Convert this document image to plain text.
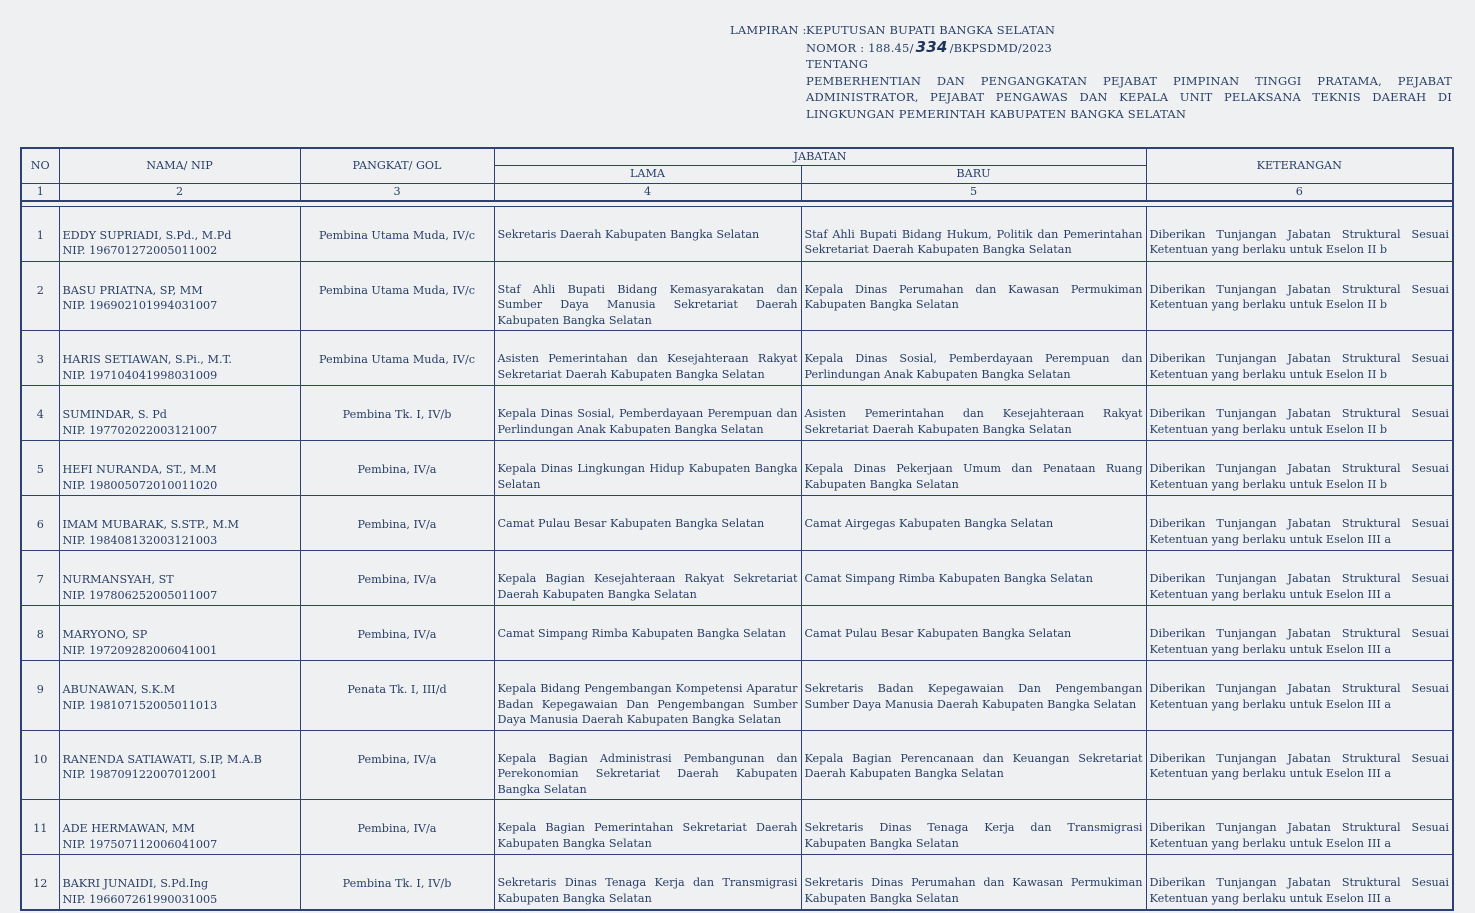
LAMPIRAN : KEPUTUSAN BUPATI BANGKA SELATAN
NOMOR : 188.45/ 334 /BKPSDMD/2023
TENTANG
PEMBERHENTIAN DAN PENGANGKATAN PEJABAT PIMPINAN TINGGI PRATAMA, PEJABAT ADMINISTRATOR, PEJABAT PENGAWAS DAN KEPALA UNIT PELAKSANA TEKNIS DAERAH DI LINGKUNGAN PEMERINTAH KABUPATEN BANGKA SELATAN
NO	NAMA/ NIP	PANGKAT/ GOL	JABATAN		KETERANGAN
			LAMA	BARU	
1	2	3	4	5	6

1	EDDY SUPRIADI, S.Pd., M.Pd
NIP. 196701272005011002	Pembina Utama Muda, IV/c	Sekretaris Daerah Kabupaten Bangka Selatan	Staf Ahli Bupati Bidang Hukum, Politik dan Pemerintahan Sekretariat Daerah Kabupaten Bangka Selatan	Diberikan Tunjangan Jabatan Struktural Sesuai Ketentuan yang berlaku untuk Eselon II b
2	BASU PRIATNA, SP, MM
NIP. 196902101994031007	Pembina Utama Muda, IV/c	Staf Ahli Bupati Bidang Kemasyarakatan dan Sumber Daya Manusia Sekretariat Daerah Kabupaten Bangka Selatan	Kepala Dinas Perumahan dan Kawasan Permukiman Kabupaten Bangka Selatan	Diberikan Tunjangan Jabatan Struktural Sesuai Ketentuan yang berlaku untuk Eselon II b
3	HARIS SETIAWAN, S.Pi., M.T.
NIP. 197104041998031009	Pembina Utama Muda, IV/c	Asisten Pemerintahan dan Kesejahteraan Rakyat Sekretariat Daerah Kabupaten Bangka Selatan	Kepala Dinas Sosial, Pemberdayaan Perempuan dan Perlindungan Anak Kabupaten Bangka Selatan	Diberikan Tunjangan Jabatan Struktural Sesuai Ketentuan yang berlaku untuk Eselon II b
4	SUMINDAR, S. Pd
NIP. 197702022003121007	Pembina Tk. I, IV/b	Kepala Dinas Sosial, Pemberdayaan Perempuan dan Perlindungan Anak Kabupaten Bangka Selatan	Asisten Pemerintahan dan Kesejahteraan Rakyat Sekretariat Daerah Kabupaten Bangka Selatan	Diberikan Tunjangan Jabatan Struktural Sesuai Ketentuan yang berlaku untuk Eselon II b
5	HEFI NURANDA, ST., M.M
NIP. 198005072010011020	Pembina, IV/a	Kepala Dinas Lingkungan Hidup Kabupaten Bangka Selatan	Kepala Dinas Pekerjaan Umum dan Penataan Ruang Kabupaten Bangka Selatan	Diberikan Tunjangan Jabatan Struktural Sesuai Ketentuan yang berlaku untuk Eselon II b
6	IMAM MUBARAK, S.STP., M.M
NIP. 198408132003121003	Pembina, IV/a	Camat Pulau Besar Kabupaten Bangka Selatan	Camat Airgegas Kabupaten Bangka Selatan	Diberikan Tunjangan Jabatan Struktural Sesuai Ketentuan yang berlaku untuk Eselon III a
7	NURMANSYAH, ST
NIP. 197806252005011007	Pembina, IV/a	Kepala Bagian Kesejahteraan Rakyat Sekretariat Daerah Kabupaten Bangka Selatan	Camat Simpang Rimba Kabupaten Bangka Selatan	Diberikan Tunjangan Jabatan Struktural Sesuai Ketentuan yang berlaku untuk Eselon III a
8	MARYONO, SP
NIP. 197209282006041001	Pembina, IV/a	Camat Simpang Rimba Kabupaten Bangka Selatan	Camat Pulau Besar Kabupaten Bangka Selatan	Diberikan Tunjangan Jabatan Struktural Sesuai Ketentuan yang berlaku untuk Eselon III a
9	ABUNAWAN, S.K.M
NIP. 198107152005011013	Penata Tk. I, III/d	Kepala Bidang Pengembangan Kompetensi Aparatur Badan Kepegawaian Dan Pengembangan Sumber Daya Manusia Daerah Kabupaten Bangka Selatan	Sekretaris Badan Kepegawaian Dan Pengembangan Sumber Daya Manusia Daerah Kabupaten Bangka Selatan	Diberikan Tunjangan Jabatan Struktural Sesuai Ketentuan yang berlaku untuk Eselon III a
10	RANENDA SATIAWATI, S.IP, M.A.B
NIP. 198709122007012001	Pembina, IV/a	Kepala Bagian Administrasi Pembangunan dan Perekonomian Sekretariat Daerah Kabupaten Bangka Selatan	Kepala Bagian Perencanaan dan Keuangan Sekretariat Daerah Kabupaten Bangka Selatan	Diberikan Tunjangan Jabatan Struktural Sesuai Ketentuan yang berlaku untuk Eselon III a
11	ADE HERMAWAN, MM
NIP. 197507112006041007	Pembina, IV/a	Kepala Bagian Pemerintahan Sekretariat Daerah Kabupaten Bangka Selatan	Sekretaris Dinas Tenaga Kerja dan Transmigrasi Kabupaten Bangka Selatan	Diberikan Tunjangan Jabatan Struktural Sesuai Ketentuan yang berlaku untuk Eselon III a
12	BAKRI JUNAIDI, S.Pd.Ing
NIP. 196607261990031005	Pembina Tk. I, IV/b	Sekretaris Dinas Tenaga Kerja dan Transmigrasi Kabupaten Bangka Selatan	Sekretaris Dinas Perumahan dan Kawasan Permukiman Kabupaten Bangka Selatan	Diberikan Tunjangan Jabatan Struktural Sesuai Ketentuan yang berlaku untuk Eselon III a
